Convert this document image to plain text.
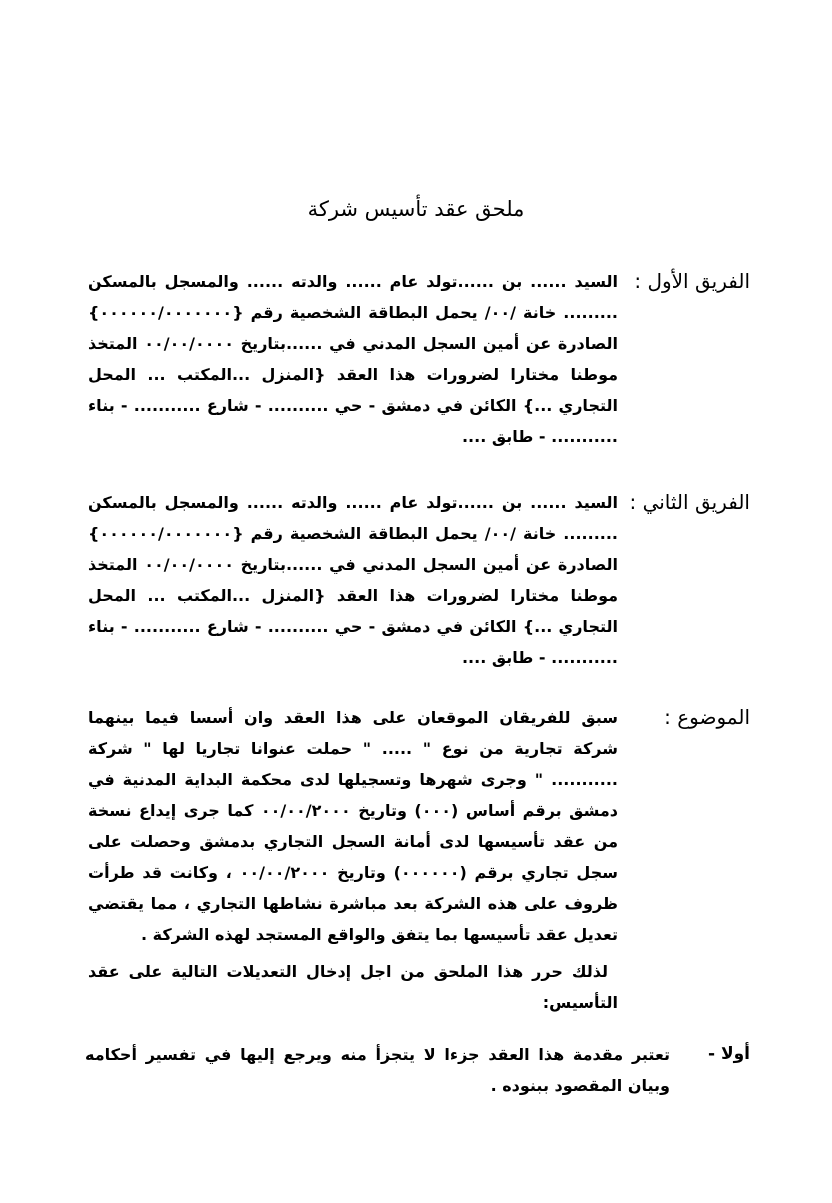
ملحق عقد تأسيس شركة
الفريق الأول :

السيد ...... بن ......تولد عام ...... والدته ...... والمسجل بالمسكن ......... خانة /٠٠/ يحمل البطاقة الشخصية رقم {٠٠٠٠٠٠/٠٠٠٠٠٠٠} الصادرة عن أمين السجل المدني في ......بتاريخ ٠٠/٠٠/٠٠٠٠ المتخذ موطنا مختارا لضرورات هذا العقد {المنزل ...المكتب ... المحل التجاري ...} الكائن في دمشق - حي .......... - شارع ........... - بناء ........... - طابق ....

الفريق الثاني :

السيد ...... بن ......تولد عام ...... والدته ...... والمسجل بالمسكن ......... خانة /٠٠/ يحمل البطاقة الشخصية رقم {٠٠٠٠٠٠/٠٠٠٠٠٠٠} الصادرة عن أمين السجل المدني في ......بتاريخ ٠٠/٠٠/٠٠٠٠ المتخذ موطنا مختارا لضرورات هذا العقد {المنزل ...المكتب ... المحل التجاري ...} الكائن في دمشق - حي .......... - شارع ........... - بناء ........... - طابق ....

الموضوع :

سبق للفريقان الموقعان على هذا العقد وان أسسا فيما بينهما شركة تجارية من نوع " ..... " حملت عنوانا تجاريا لها " شركة ........... " وجرى شهرها وتسجيلها لدى محكمة البداية المدنية في دمشق برقم أساس (٠٠٠) وتاريخ ٠٠/٠٠/٢٠٠٠ كما جرى إيداع نسخة من عقد تأسيسها لدى أمانة السجل التجاري بدمشق وحصلت على سجل تجاري برقم (٠٠٠٠٠٠) وتاريخ ٠٠/٠٠/٢٠٠٠ ، وكانت قد طرأت ظروف على هذه الشركة بعد مباشرة نشاطها التجاري ، مما يقتضي تعديل عقد تأسيسها بما يتفق والواقع المستجد لهذه الشركة .

لذلك حرر هذا الملحق من اجل إدخال التعديلات التالية على عقد التأسيس:

أولا -

تعتبر مقدمة هذا العقد جزءا لا يتجزأ منه ويرجع إليها في تفسير أحكامه وبيان المقصود ببنوده .
